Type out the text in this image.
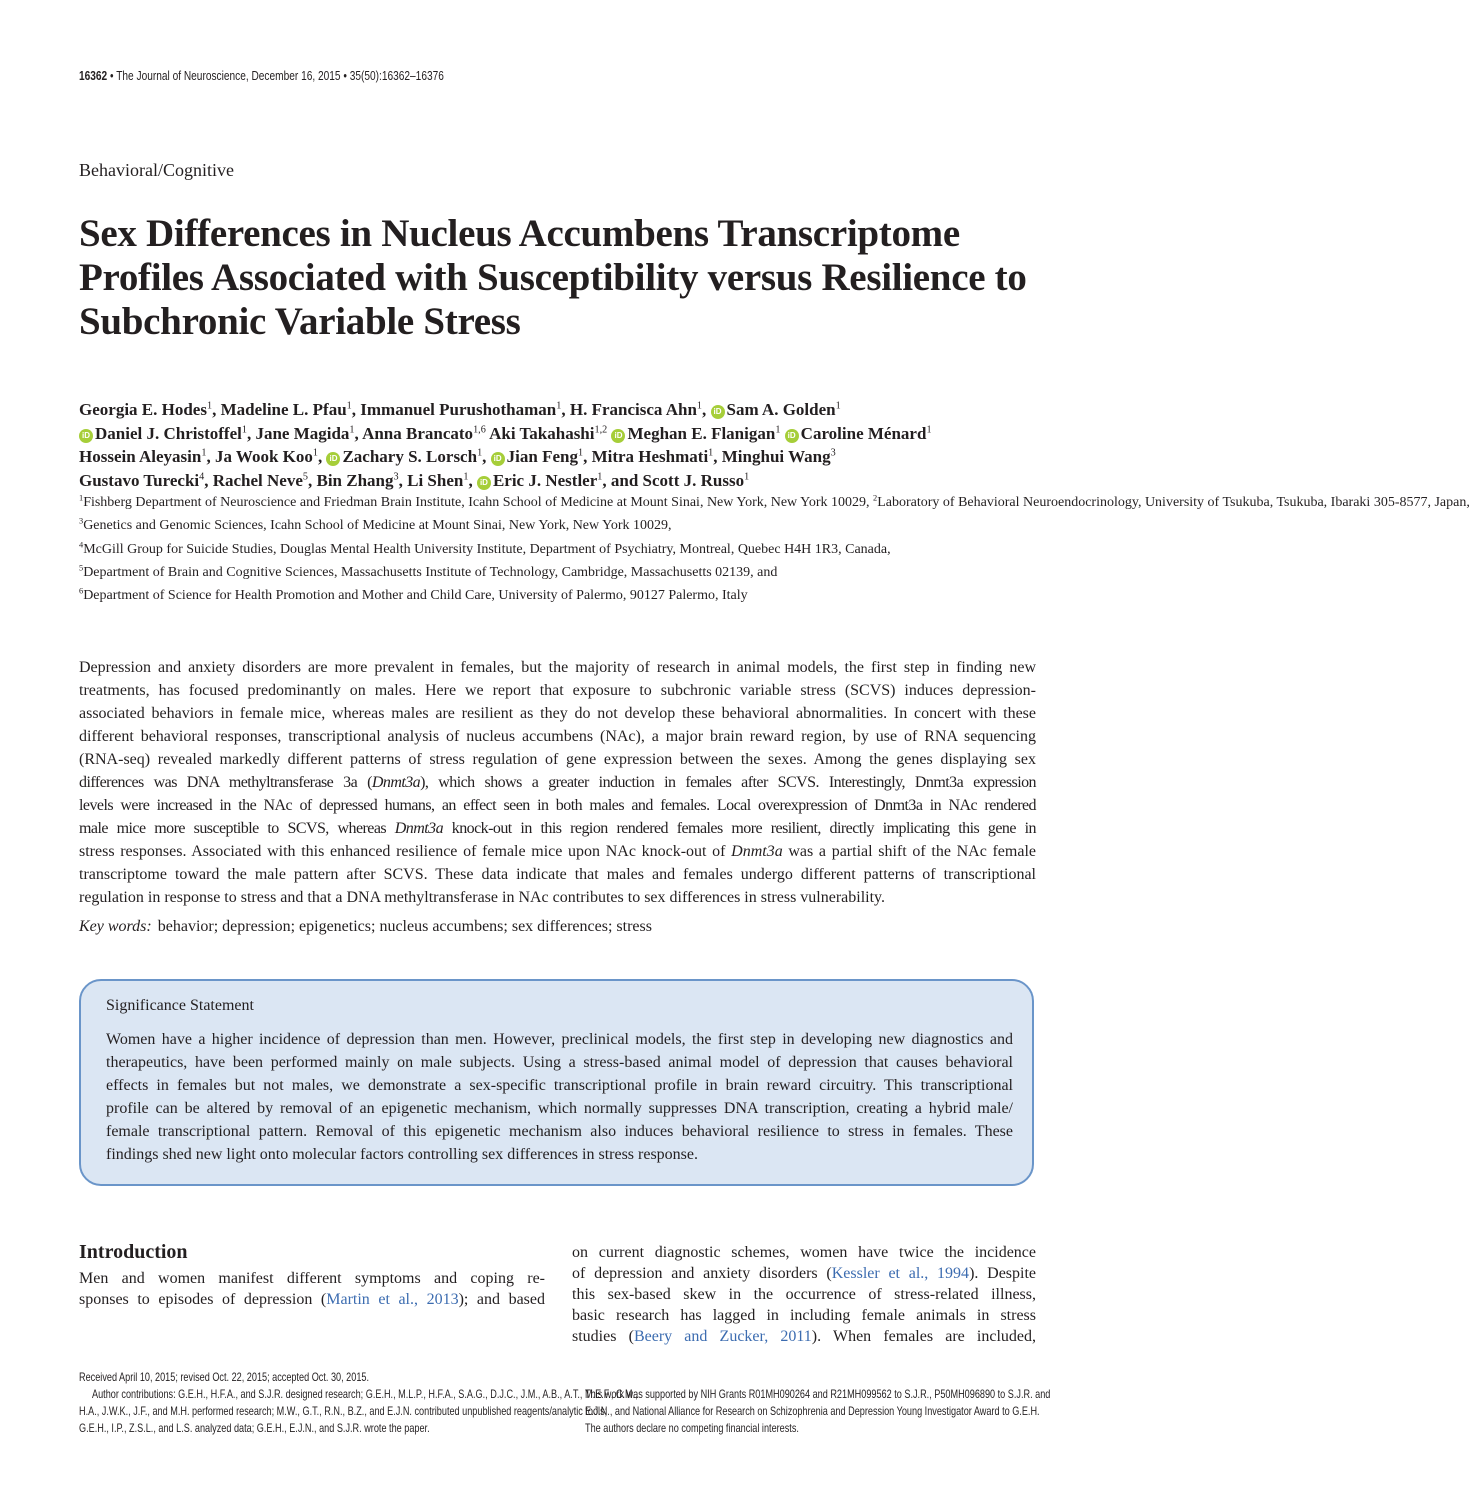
16362 • The Journal of Neuroscience, December 16, 2015 • 35(50):16362–16376
Behavioral/Cognitive
Sex Differences in Nucleus Accumbens Transcriptome
Profiles Associated with Susceptibility versus Resilience to
Subchronic Variable Stress
Georgia E. Hodes$^1$, Madeline L. Pfau$^1$, Immanuel Purushothaman$^1$, H. Francisca Ahn$^1$, iD Sam A. Golden$^1$
iD Daniel J. Christoffel$^1$, Jane Magida$^1$, Anna Brancato$^{1,6}$ Aki Takahashi$^{1,2}$ iD Meghan E. Flanigan$^1$ iD Caroline Ménard$^1$
Hossein Aleyasin$^1$, Ja Wook Koo$^1$, iD Zachary S. Lorsch$^1$, iD Jian Feng$^1$, Mitra Heshmati$^1$, Minghui Wang$^3$
Gustavo Turecki$^4$, Rachel Neve$^5$, Bin Zhang$^3$, Li Shen$^1$, iD Eric J. Nestler$^1$, and Scott J. Russo$^1$
$^1$Fishberg Department of Neuroscience and Friedman Brain Institute, Icahn School of Medicine at Mount Sinai, New York, New York 10029, $^2$Laboratory of Behavioral Neuroendocrinology, University of Tsukuba, Tsukuba, Ibaraki 305-8577, Japan,
$^3$Genetics and Genomic Sciences, Icahn School of Medicine at Mount Sinai, New York, New York 10029,
$^4$McGill Group for Suicide Studies, Douglas Mental Health University Institute, Department of Psychiatry, Montreal, Quebec H4H 1R3, Canada,
$^5$Department of Brain and Cognitive Sciences, Massachusetts Institute of Technology, Cambridge, Massachusetts 02139, and
$^6$Department of Science for Health Promotion and Mother and Child Care, University of Palermo, 90127 Palermo, Italy
Depression and anxiety disorders are more prevalent in females, but the majority of research in animal models, the first step in finding new
treatments, has focused predominantly on males. Here we report that exposure to subchronic variable stress (SCVS) induces depression-
associated behaviors in female mice, whereas males are resilient as they do not develop these behavioral abnormalities. In concert with these
different behavioral responses, transcriptional analysis of nucleus accumbens (NAc), a major brain reward region, by use of RNA sequencing
(RNA-seq) revealed markedly different patterns of stress regulation of gene expression between the sexes. Among the genes displaying sex
differences was DNA methyltransferase 3a (Dnmt3a), which shows a greater induction in females after SCVS. Interestingly, Dnmt3a expression
levels were increased in the NAc of depressed humans, an effect seen in both males and females. Local overexpression of Dnmt3a in NAc rendered
male mice more susceptible to SCVS, whereas Dnmt3a knock-out in this region rendered females more resilient, directly implicating this gene in
stress responses. Associated with this enhanced resilience of female mice upon NAc knock-out of Dnmt3a was a partial shift of the NAc female
transcriptome toward the male pattern after SCVS. These data indicate that males and females undergo different patterns of transcriptional
regulation in response to stress and that a DNA methyltransferase in NAc contributes to sex differences in stress vulnerability.
Key words: behavior; depression; epigenetics; nucleus accumbens; sex differences; stress
Significance Statement
Women have a higher incidence of depression than men. However, preclinical models, the first step in developing new diagnostics and
therapeutics, have been performed mainly on male subjects. Using a stress-based animal model of depression that causes behavioral
effects in females but not males, we demonstrate a sex-specific transcriptional profile in brain reward circuitry. This transcriptional
profile can be altered by removal of an epigenetic mechanism, which normally suppresses DNA transcription, creating a hybrid male/
female transcriptional pattern. Removal of this epigenetic mechanism also induces behavioral resilience to stress in females. These
findings shed new light onto molecular factors controlling sex differences in stress response.
Introduction
Men and women manifest different symptoms and coping re-
sponses to episodes of depression (Martin et al., 2013); and based
on current diagnostic schemes, women have twice the incidence
of depression and anxiety disorders (Kessler et al., 1994). Despite
this sex-based skew in the occurrence of stress-related illness,
basic research has lagged in including female animals in stress
studies (Beery and Zucker, 2011). When females are included,
Received April 10, 2015; revised Oct. 22, 2015; accepted Oct. 30, 2015.
Author contributions: G.E.H., H.F.A., and S.J.R. designed research; G.E.H., M.L.P., H.F.A., S.A.G., D.J.C., J.M., A.B., A.T., M.E.F., C.M.,
H.A., J.W.K., J.F., and M.H. performed research; M.W., G.T., R.N., B.Z., and E.J.N. contributed unpublished reagents/analytic tools;
G.E.H., I.P., Z.S.L., and L.S. analyzed data; G.E.H., E.J.N., and S.J.R. wrote the paper.
This work was supported by NIH Grants R01MH090264 and R21MH099562 to S.J.R., P50MH096890 to S.J.R. and
E.J.N., and National Alliance for Research on Schizophrenia and Depression Young Investigator Award to G.E.H.
The authors declare no competing financial interests.
